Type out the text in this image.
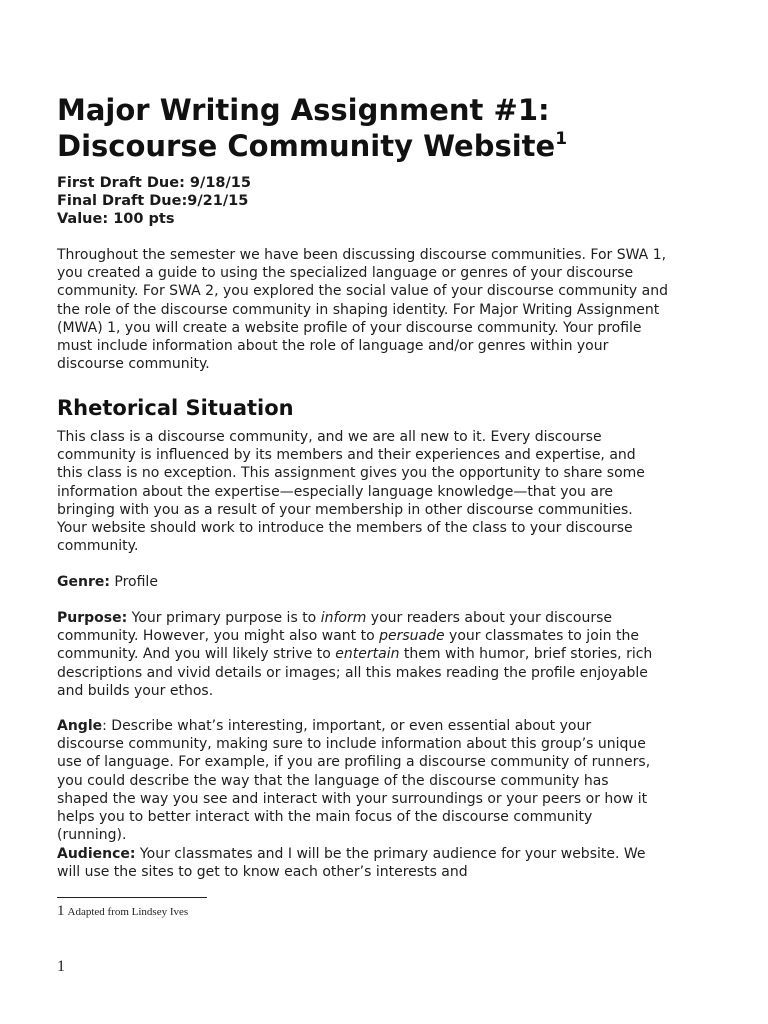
Major Writing Assignment #1:
Discourse Community Website$^1$
First Draft Due: 9/18/15
Final Draft Due:9/21/15
Value: 100 pts

Throughout the semester we have been discussing discourse communities. For SWA 1, you created a guide to using the specialized language or genres of your discourse community. For SWA 2, you explored the social value of your discourse community and the role of the discourse community in shaping identity. For Major Writing Assignment (MWA) 1, you will create a website profile of your discourse community. Your profile must include information about the role of language and/or genres within your discourse community.

Rhetorical Situation

This class is a discourse community, and we are all new to it. Every discourse community is influenced by its members and their experiences and expertise, and this class is no exception. This assignment gives you the opportunity to share some information about the expertise—especially language knowledge—that you are bringing with you as a result of your membership in other discourse communities. Your website should work to introduce the members of the class to your discourse community.

Genre: Profile

Purpose: Your primary purpose is to inform your readers about your discourse community. However, you might also want to persuade your classmates to join the community. And you will likely strive to entertain them with humor, brief stories, rich descriptions and vivid details or images; all this makes reading the profile enjoyable and builds your ethos.

Angle: Describe what’s interesting, important, or even essential about your discourse community, making sure to include information about this group’s unique use of language. For example, if you are profiling a discourse community of runners, you could describe the way that the language of the discourse community has shaped the way you see and interact with your surroundings or your peers or how it helps you to better interact with the main focus of the discourse community (running).

Audience: Your classmates and I will be the primary audience for your website. We will use the sites to get to know each other’s interests and

1 Adapted from Lindsey Ives
1
